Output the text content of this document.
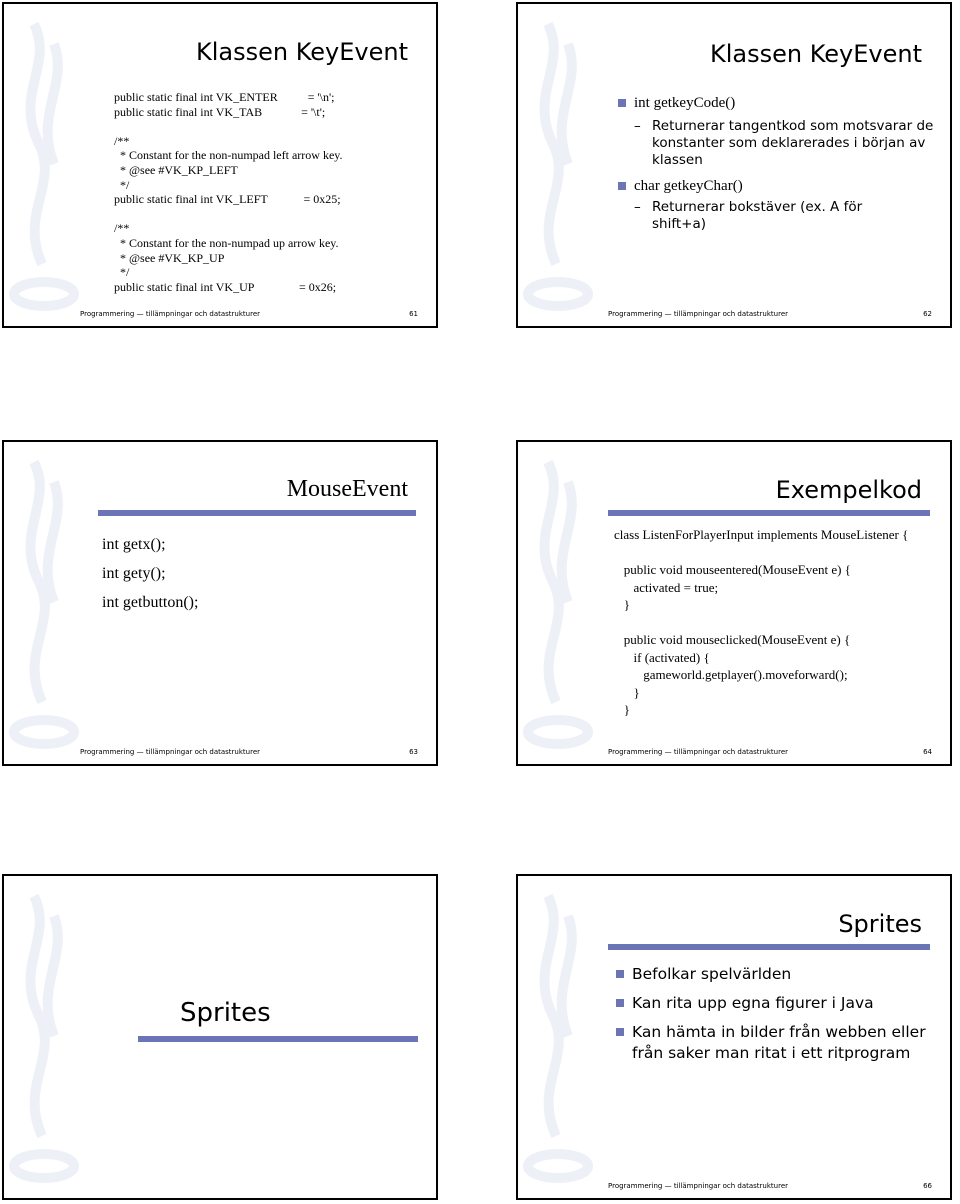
Klassen KeyEvent
public static final int VK_ENTER          = '\n';
public static final int VK_TAB             = '\t';

/**
* Constant for the non-numpad left arrow key.
* @see #VK_KP_LEFT
*/
public static final int VK_LEFT            = 0x25;

/**
* Constant for the non-numpad up arrow key.
* @see #VK_KP_UP
*/
public static final int VK_UP               = 0x26;
Programmering — tillämpningar och datastrukturer	61
Klassen KeyEvent
int getkeyCode()
– Returnerar tangentkod som motsvarar de konstanter som deklarerades i början av klassen
char getkeyChar()
– Returnerar bokstäver (ex. A för shift+a)
Programmering — tillämpningar och datastrukturer	62
MouseEvent
int getx();
int gety();
int getbutton();
Programmering — tillämpningar och datastrukturer	63
Exempelkod
class ListenForPlayerInput implements MouseListener {

public void mouseentered(MouseEvent e) {
activated = true;
}

public void mouseclicked(MouseEvent e) {
if (activated) {
gameworld.getplayer().moveforward();
}
}
Programmering — tillämpningar och datastrukturer	64
Sprites
Sprites
Befolkar spelvärlden
Kan rita upp egna figurer i Java
Kan hämta in bilder från webben eller från saker man ritat i ett ritprogram
Programmering — tillämpningar och datastrukturer	66
